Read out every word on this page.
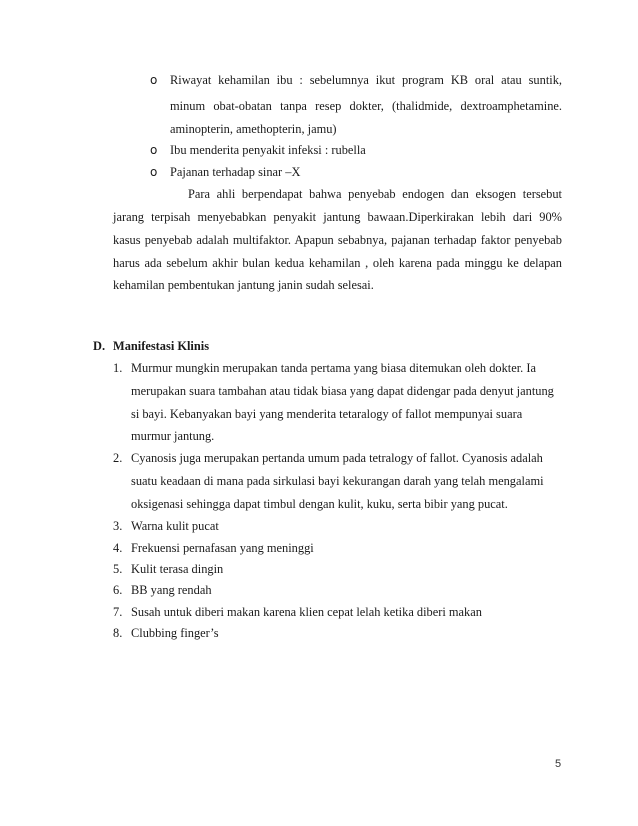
o Riwayat kehamilan ibu : sebelumnya ikut program KB oral atau suntik,
minum obat-obatan tanpa resep dokter, (thalidmide, dextroamphetamine.
aminopterin, amethopterin, jamu)
o Ibu menderita penyakit infeksi : rubella
o Pajanan terhadap sinar –X
Para ahli berpendapat bahwa penyebab endogen dan eksogen tersebut
jarang terpisah menyebabkan penyakit jantung bawaan.Diperkirakan lebih dari 90%
kasus penyebab adalah multifaktor. Apapun sebabnya, pajanan terhadap faktor penyebab
harus ada sebelum akhir bulan kedua kehamilan , oleh karena pada minggu ke delapan
kehamilan pembentukan jantung janin sudah selesai.
D. Manifestasi Klinis
1. Murmur mungkin merupakan tanda pertama yang biasa ditemukan oleh dokter. Ia
merupakan suara tambahan atau tidak biasa yang dapat didengar pada denyut jantung
si bayi. Kebanyakan bayi yang menderita tetaralogy of fallot mempunyai suara
murmur jantung.
2. Cyanosis juga merupakan pertanda umum pada tetralogy of fallot. Cyanosis adalah
suatu keadaan di mana pada sirkulasi bayi kekurangan darah yang telah mengalami
oksigenasi sehingga dapat timbul dengan kulit, kuku, serta bibir yang pucat.
3. Warna kulit pucat
4. Frekuensi pernafasan yang meninggi
5. Kulit terasa dingin
6. BB yang rendah
7. Susah untuk diberi makan karena klien cepat lelah ketika diberi makan
8. Clubbing finger’s
5
